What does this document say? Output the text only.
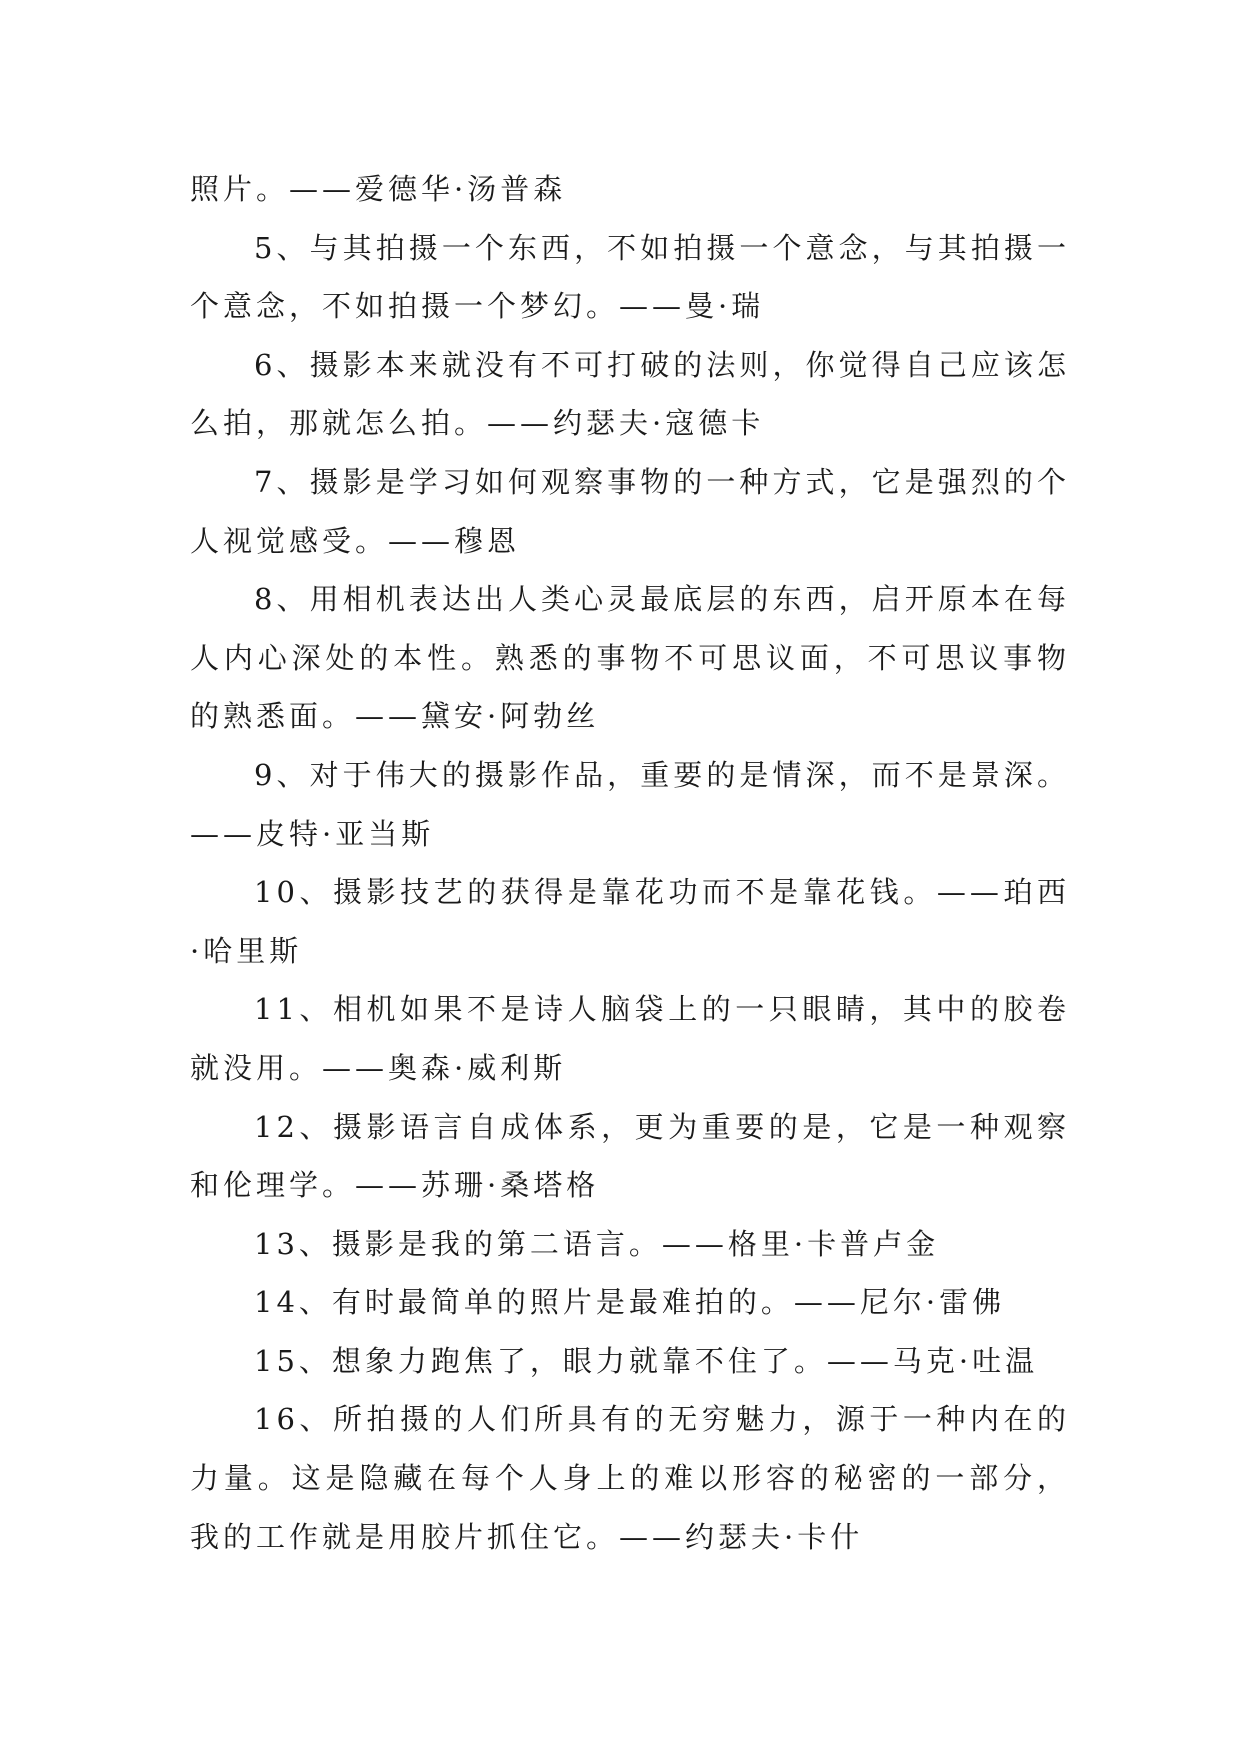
照片。——爱德华·汤普森

5、与其拍摄一个东西，不如拍摄一个意念，与其拍摄一个意念，不如拍摄一个梦幻。——曼·瑞

6、摄影本来就没有不可打破的法则，你觉得自己应该怎么拍，那就怎么拍。——约瑟夫·寇德卡

7、摄影是学习如何观察事物的一种方式，它是强烈的个人视觉感受。——穆恩

8、用相机表达出人类心灵最底层的东西，启开原本在每人内心深处的本性。熟悉的事物不可思议面，不可思议事物的熟悉面。——黛安·阿勃丝

9、对于伟大的摄影作品，重要的是情深，而不是景深。——皮特·亚当斯

10、摄影技艺的获得是靠花功而不是靠花钱。——珀西·哈里斯

11、相机如果不是诗人脑袋上的一只眼睛，其中的胶卷就没用。——奥森·威利斯

12、摄影语言自成体系，更为重要的是，它是一种观察和伦理学。——苏珊·桑塔格

13、摄影是我的第二语言。——格里·卡普卢金

14、有时最简单的照片是最难拍的。——尼尔·雷佛

15、想象力跑焦了，眼力就靠不住了。——马克·吐温

16、所拍摄的人们所具有的无穷魅力，源于一种内在的力量。这是隐藏在每个人身上的难以形容的秘密的一部分，我的工作就是用胶片抓住它。——约瑟夫·卡什
